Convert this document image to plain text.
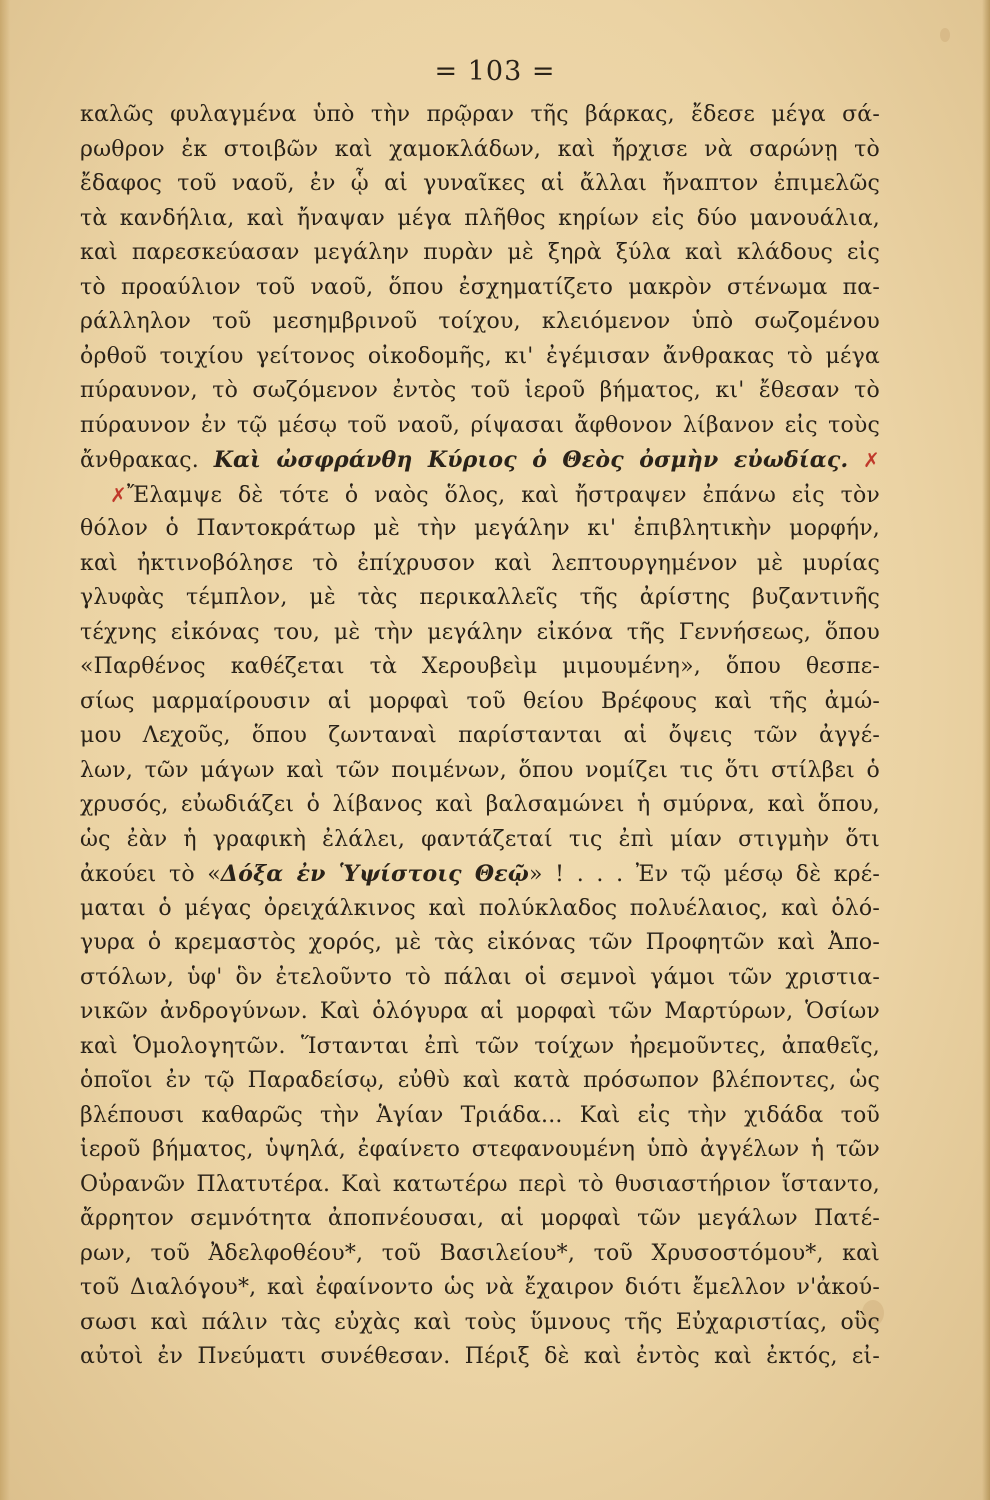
= 103 =
καλῶς φυλαγμένα ὑπὸ τὴν πρῷραν τῆς βάρκας, ἔδεσε μέγα σά-
ρωθρον ἐκ στοιβῶν καὶ χαμοκλάδων, καὶ ἤρχισε νὰ σαρώνῃ τὸ
ἔδαφος τοῦ ναοῦ, ἐν ᾧ αἱ γυναῖκες αἱ ἄλλαι ἤναπτον ἐπιμελῶς
τὰ κανδήλια, καὶ ἤναψαν μέγα πλῆθος κηρίων εἰς δύο μανουάλια,
καὶ παρεσκεύασαν μεγάλην πυρὰν μὲ ξηρὰ ξύλα καὶ κλάδους εἰς
τὸ προαύλιον τοῦ ναοῦ, ὅπου ἐσχηματίζετο μακρὸν στένωμα πα-
ράλληλον τοῦ μεσημβρινοῦ τοίχου, κλειόμενον ὑπὸ σωζομένου
ὀρθοῦ τοιχίου γείτονος οἰκοδομῆς, κι' ἐγέμισαν ἄνθρακας τὸ μέγα
πύραυνον, τὸ σωζόμενον ἐντὸς τοῦ ἱεροῦ βήματος, κι' ἔθεσαν τὸ
πύραυνον ἐν τῷ μέσῳ τοῦ ναοῦ, ρίψασαι ἄφθονον λίβανον εἰς τοὺς
ἄνθρακας. Καὶ ὠσφράνθη Κύριος ὁ Θεὸς ὀσμὴν εὐωδίας. ✗
✗Ἔλαμψε δὲ τότε ὁ ναὸς ὅλος, καὶ ἤστραψεν ἐπάνω εἰς τὸν
θόλον ὁ Παντοκράτωρ μὲ τὴν μεγάλην κι' ἐπιβλητικὴν μορφήν,
καὶ ἠκτινοβόλησε τὸ ἐπίχρυσον καὶ λεπτουργημένον μὲ μυρίας
γλυφὰς τέμπλον, μὲ τὰς περικαλλεῖς τῆς ἀρίστης βυζαντινῆς
τέχνης εἰκόνας του, μὲ τὴν μεγάλην εἰκόνα τῆς Γεννήσεως, ὅπου
«Παρθένος καθέζεται τὰ Χερουβεὶμ μιμουμένη», ὅπου θεσπε-
σίως μαρμαίρουσιν αἱ μορφαὶ τοῦ θείου Βρέφους καὶ τῆς ἀμώ-
μου Λεχοῦς, ὅπου ζωνταναὶ παρίστανται αἱ ὄψεις τῶν ἀγγέ-
λων, τῶν μάγων καὶ τῶν ποιμένων, ὅπου νομίζει τις ὅτι στίλβει ὁ
χρυσός, εὐωδιάζει ὁ λίβανος καὶ βαλσαμώνει ἡ σμύρνα, καὶ ὅπου,
ὡς ἐὰν ἡ γραφικὴ ἐλάλει, φαντάζεταί τις ἐπὶ μίαν στιγμὴν ὅτι
ἀκούει τὸ «Δόξα ἐν Ὑψίστοις Θεῷ» ! . . . Ἐν τῷ μέσῳ δὲ κρέ-
μαται ὁ μέγας ὀρειχάλκινος καὶ πολύκλαδος πολυέλαιος, καὶ ὁλό-
γυρα ὁ κρεμαστὸς χορός, μὲ τὰς εἰκόνας τῶν Προφητῶν καὶ Ἀπο-
στόλων, ὑφ' ὃν ἐτελοῦντο τὸ πάλαι οἱ σεμνοὶ γάμοι τῶν χριστια-
νικῶν ἀνδρογύνων. Καὶ ὁλόγυρα αἱ μορφαὶ τῶν Μαρτύρων, Ὁσίων
καὶ Ὁμολογητῶν. Ἵστανται ἐπὶ τῶν τοίχων ἠρεμοῦντες, ἀπαθεῖς,
ὁποῖοι ἐν τῷ Παραδείσῳ, εὐθὺ καὶ κατὰ πρόσωπον βλέποντες, ὡς
βλέπουσι καθαρῶς τὴν Ἁγίαν Τριάδα... Καὶ εἰς τὴν χιδάδα τοῦ
ἱεροῦ βήματος, ὑψηλά, ἐφαίνετο στεφανουμένη ὑπὸ ἀγγέλων ἡ τῶν
Οὐρανῶν Πλατυτέρα. Καὶ κατωτέρω περὶ τὸ θυσιαστήριον ἵσταντο,
ἄρρητον σεμνότητα ἀποπνέουσαι, αἱ μορφαὶ τῶν μεγάλων Πατέ-
ρων, τοῦ Ἀδελφοθέου*, τοῦ Βασιλείου*, τοῦ Χρυσοστόμου*, καὶ
τοῦ Διαλόγου*, καὶ ἐφαίνοντο ὡς νὰ ἔχαιρον διότι ἔμελλον ν'ἀκού-
σωσι καὶ πάλιν τὰς εὐχὰς καὶ τοὺς ὕμνους τῆς Εὐχαριστίας, οὓς
αὐτοὶ ἐν Πνεύματι συνέθεσαν. Πέριξ δὲ καὶ ἐντὸς καὶ ἐκτός, εἰ-
